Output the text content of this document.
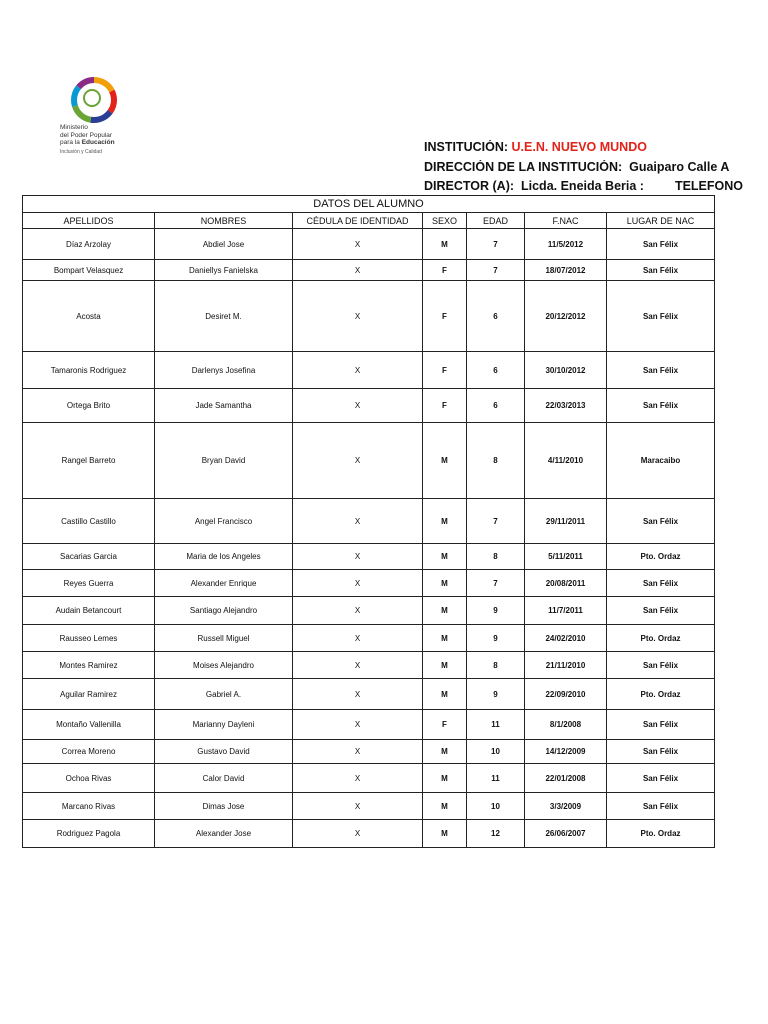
Ministerio
del Poder Popular
para la Educación
Inclusión y Calidad	INSTITUCIÓN: U.E.N. NUEVO MUNDO
DIRECCIÓN DE LA INSTITUCIÓN: Guaiparo Calle A
DIRECTOR (A): Licda. Eneida Beria : TELEFONO
DATOS DEL ALUMNO						
APELLIDOS	NOMBRES	CÉDULA DE IDENTIDAD	SEXO	EDAD	F.NAC	LUGAR DE NAC
Díaz Arzolay	Abdiel Jose	X	M	7	11/5/2012	San Félix
Bompart Velasquez	Daniellys Fanielska	X	F	7	18/07/2012	San Félix
Acosta	Desiret M.	X	F	6	20/12/2012	San Félix
Tamaronis Rodriguez	Darlenys Josefina	X	F	6	30/10/2012	San Félix
Ortega Brito	Jade Samantha	X	F	6	22/03/2013	San Félix
Rangel Barreto	Bryan David	X	M	8	4/11/2010	Maracaibo
Castillo Castillo	Angel Francisco	X	M	7	29/11/2011	San Félix
Sacarias Garcia	Maria de los Angeles	X	M	8	5/11/2011	Pto. Ordaz
Reyes Guerra	Alexander Enrique	X	M	7	20/08/2011	San Félix
Audain Betancourt	Santiago Alejandro	X	M	9	11/7/2011	San Félix
Rausseo Lemes	Russell Miguel	X	M	9	24/02/2010	Pto. Ordaz
Montes Ramirez	Moises Alejandro	X	M	8	21/11/2010	San Félix
Aguilar Ramirez	Gabriel A.	X	M	9	22/09/2010	Pto. Ordaz
Montaño Vallenilla	Marianny Dayleni	X	F	11	8/1/2008	San Félix
Correa Moreno	Gustavo David	X	M	10	14/12/2009	San Félix
Ochoa Rivas	Calor David	X	M	11	22/01/2008	San Félix
Marcano Rivas	Dimas Jose	X	M	10	3/3/2009	San Félix
Rodriguez Pagola	Alexander Jose	X	M	12	26/06/2007	Pto. Ordaz
